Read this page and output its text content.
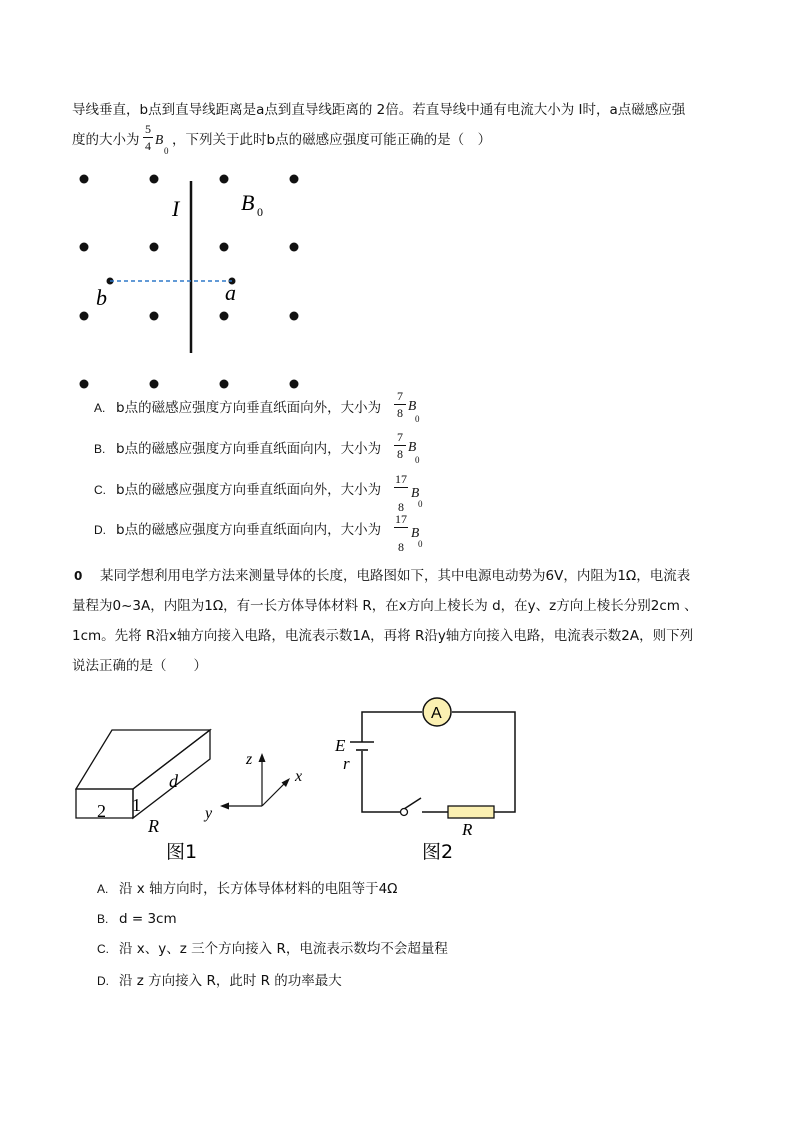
导线垂直，b点到直导线距离是a点到直导线距离的 2倍。若直导线中通有电流大小为 I时，a点磁感应强
度的大小为
5
4 B
0
，下列关于此时b点的磁感应强度可能正确的是（　）
I	B 0
a
b
A. b点的磁感应强度方向垂直纸面向外，大小为
7
8 B
0
B. b点的磁感应强度方向垂直纸面向内，大小为
7
8 B
0
C. b点的磁感应强度方向垂直纸面向外，大小为
17
8
B
0
D. b点的磁感应强度方向垂直纸面向内，大小为
17
8
B
0
0 某同学想利用电学方法来测量导体的长度，电路图如下，其中电源电动势为6V，内阻为1Ω，电流表
量程为0~3A，内阻为1Ω，有一长方体导体材料 R，在x方向上棱长为 d，在y、z方向上棱长分别2cm 、
1cm。先将 R沿x轴方向接入电路，电流表示数1A，再将 R沿y轴方向接入电路，电流表示数2A，则下列
说法正确的是（　　）
2 1
d
R
z
x
y
图1
A
E
r
R
图2
A. 沿 x 轴方向时，长方体导体材料的电阻等于4Ω
B. d = 3cm
C. 沿 x、y、z 三个方向接入 R，电流表示数均不会超量程
D. 沿 z 方向接入 R，此时 R 的功率最大
